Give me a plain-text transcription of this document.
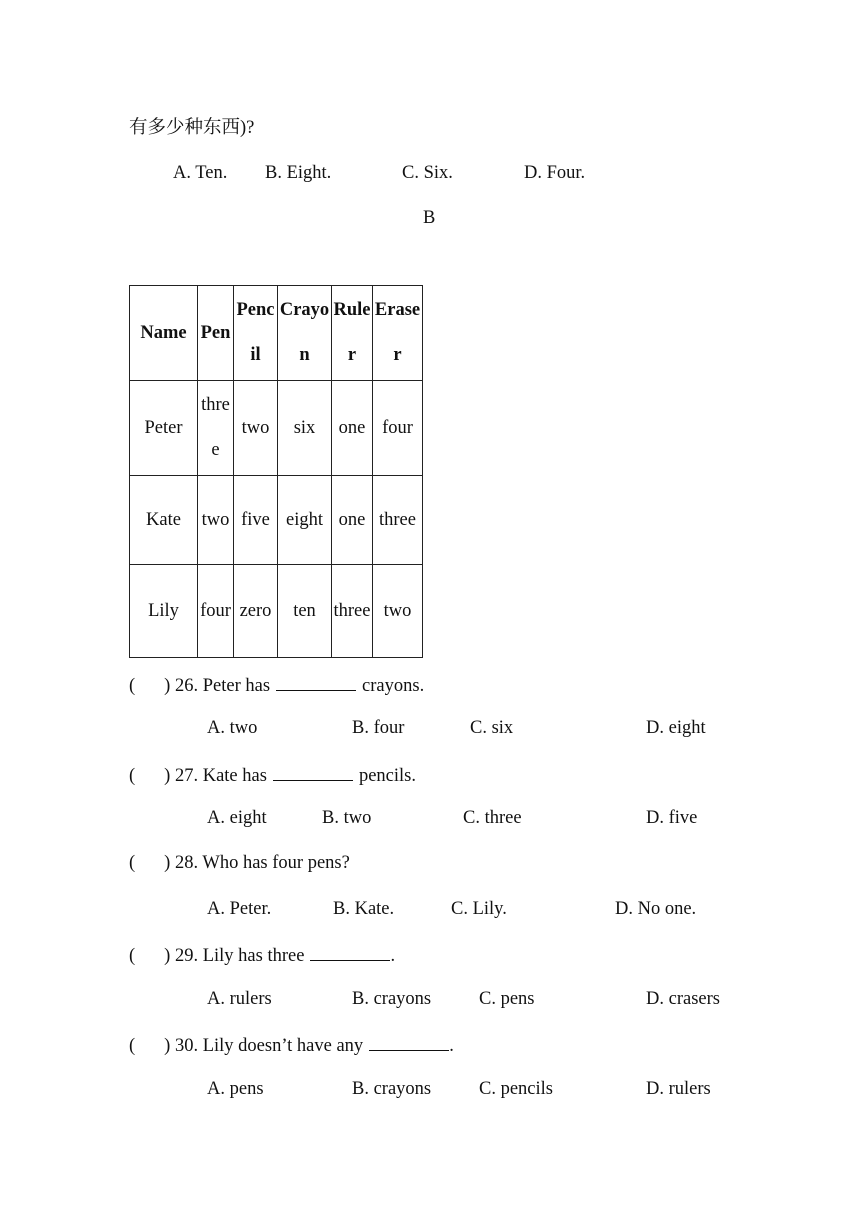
有多少种东西)?
A. Ten. B. Eight.	C. Six.	D. Four.
B
Name	Pen	Pencil	Crayon	Ruler	Eraser
Peter	three	two	six	one	four
Kate	two	five	eight	one	three
Lily	four	zero	ten	three	two
( ) 26. Peter has	crayons.
A. two	B. four	C. six	D. eight
( ) 27. Kate has	pencils.
A. eight	B. two	C. three	D. five
( ) 28. Who has four pens?
A. Peter.	B. Kate.	C. Lily.	D. No one.
( ) 29. Lily has three	.
A. rulers	B. crayons	C. pens	D. crasers
( ) 30. Lily doesn’t have any	.
A. pens	B. crayons	C. pencils	D. rulers
